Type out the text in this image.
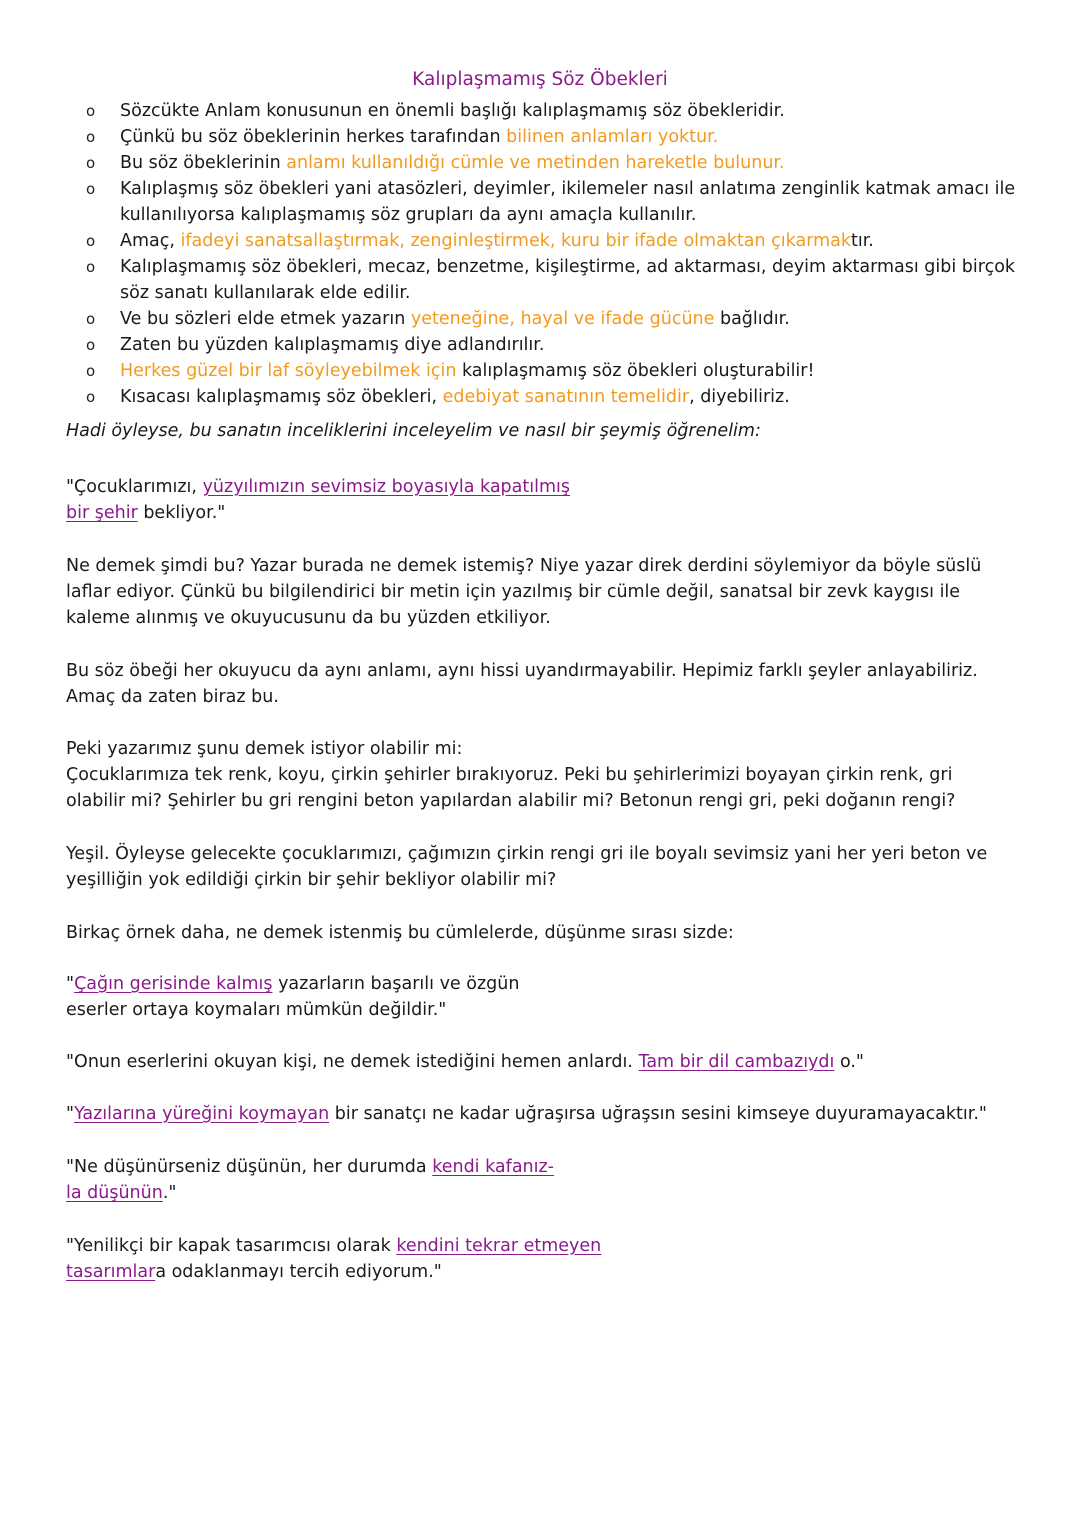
Kalıplaşmamış Söz Öbekleri
o Sözcükte Anlam konusunun en önemli başlığı kalıplaşmamış söz öbekleridir.
o Çünkü bu söz öbeklerinin herkes tarafından bilinen anlamları yoktur.
o Bu söz öbeklerinin anlamı kullanıldığı cümle ve metinden hareketle bulunur.
o Kalıplaşmış söz öbekleri yani atasözleri, deyimler, ikilemeler nasıl anlatıma zenginlik katmak amacı ile kullanılıyorsa kalıplaşmamış söz grupları da aynı amaçla kullanılır.
o Amaç, ifadeyi sanatsallaştırmak, zenginleştirmek, kuru bir ifade olmaktan çıkarmaktır.
o Kalıplaşmamış söz öbekleri, mecaz, benzetme, kişileştirme, ad aktarması, deyim aktarması gibi birçok söz sanatı kullanılarak elde edilir.
o Ve bu sözleri elde etmek yazarın yeteneğine, hayal ve ifade gücüne bağlıdır.
o Zaten bu yüzden kalıplaşmamış diye adlandırılır.
o Herkes güzel bir laf söyleyebilmek için kalıplaşmamış söz öbekleri oluşturabilir!
o Kısacası kalıplaşmamış söz öbekleri, edebiyat sanatının temelidir, diyebiliriz.
Hadi öyleyse, bu sanatın inceliklerini inceleyelim ve nasıl bir şeymiş öğrenelim:

"Çocuklarımızı, yüzyılımızın sevimsiz boyasıyla kapatılmış
bir şehir bekliyor."

Ne demek şimdi bu? Yazar burada ne demek istemiş? Niye yazar direk derdini söylemiyor da böyle süslü laflar ediyor. Çünkü bu bilgilendirici bir metin için yazılmış bir cümle değil, sanatsal bir zevk kaygısı ile kaleme alınmış ve okuyucusunu da bu yüzden etkiliyor.

Bu söz öbeği her okuyucu da aynı anlamı, aynı hissi uyandırmayabilir. Hepimiz farklı şeyler anlayabiliriz. Amaç da zaten biraz bu.

Peki yazarımız şunu demek istiyor olabilir mi:
Çocuklarımıza tek renk, koyu, çirkin şehirler bırakıyoruz. Peki bu şehirlerimizi boyayan çirkin renk, gri olabilir mi? Şehirler bu gri rengini beton yapılardan alabilir mi? Betonun rengi gri, peki doğanın rengi?

Yeşil. Öyleyse gelecekte çocuklarımızı, çağımızın çirkin rengi gri ile boyalı sevimsiz yani her yeri beton ve yeşilliğin yok edildiği çirkin bir şehir bekliyor olabilir mi?

Birkaç örnek daha, ne demek istenmiş bu cümlelerde, düşünme sırası sizde:

"Çağın gerisinde kalmış yazarların başarılı ve özgün
eserler ortaya koymaları mümkün değildir."

"Onun eserlerini okuyan kişi, ne demek istediğini hemen anlardı. Tam bir dil cambazıydı o."

"Yazılarına yüreğini koymayan bir sanatçı ne kadar uğraşırsa uğraşsın sesini kimseye duyuramayacaktır."

"Ne düşünürseniz düşünün, her durumda kendi kafanız-
la düşünün."

"Yenilikçi bir kapak tasarımcısı olarak kendini tekrar etmeyen
tasarımlara odaklanmayı tercih ediyorum."
